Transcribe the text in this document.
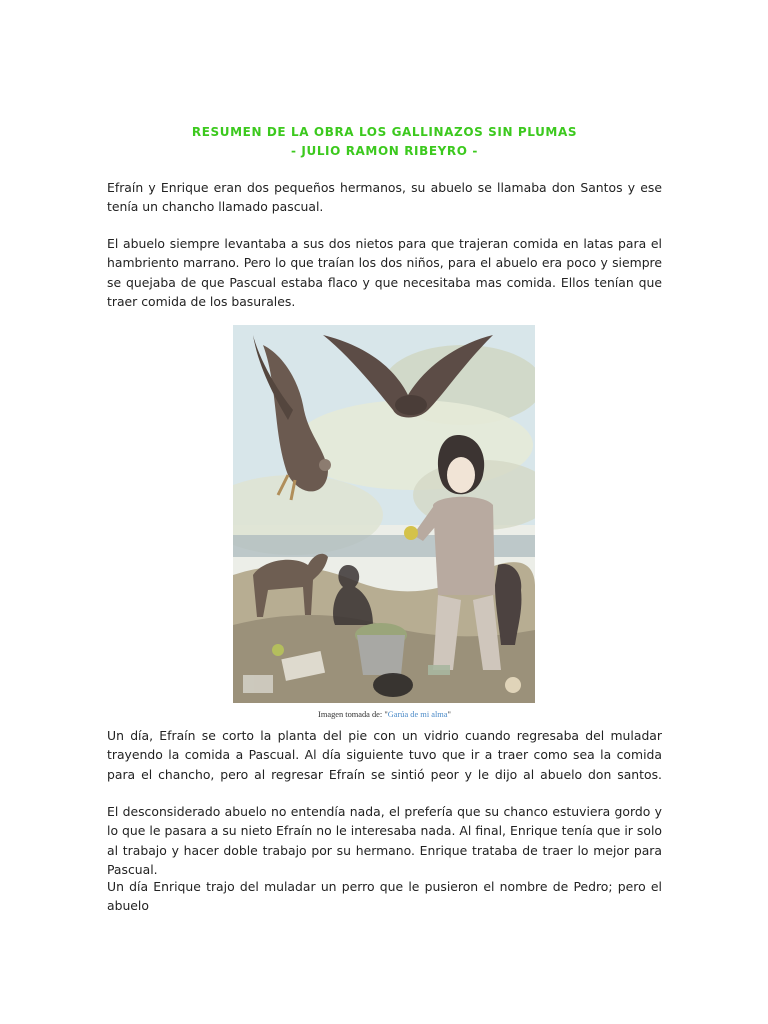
RESUMEN DE LA OBRA LOS GALLINAZOS SIN PLUMAS
- JULIO RAMON RIBEYRO -

Efraín y Enrique eran dos pequeños hermanos, su abuelo se llamaba don Santos y ese tenía un chancho llamado pascual.

El abuelo siempre levantaba a sus dos nietos para que trajeran comida en latas para el hambriento marrano. Pero lo que traían los dos niños, para el abuelo era poco y siempre se quejaba de que Pascual estaba flaco y que necesitaba mas comida. Ellos tenían que traer comida de los basurales.

Imagen tomada de: "Garúa de mi alma"

Un día, Efraín se corto la planta del pie con un vidrio cuando regresaba del muladar trayendo la comida a Pascual. Al día siguiente tuvo que ir a traer como sea la comida para el chancho, pero al regresar Efraín se sintió peor y le dijo al abuelo don santos.

El desconsiderado abuelo no entendía nada, el prefería que su chanco estuviera gordo y lo que le pasara a su nieto Efraín no le interesaba nada. Al final, Enrique tenía que ir solo al trabajo y hacer doble trabajo por su hermano. Enrique trataba de traer lo mejor para Pascual.

Un día Enrique trajo del muladar un perro que le pusieron el nombre de Pedro; pero el abuelo
